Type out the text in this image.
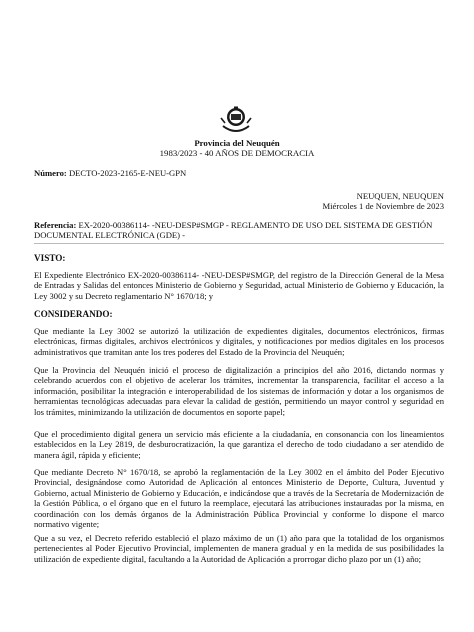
Provincia del Neuquén
1983/2023 - 40 AÑOS DE DEMOCRACIA
Número: DECTO-2023-2165-E-NEU-GPN
NEUQUEN, NEUQUEN
Miércoles 1 de Noviembre de 2023
Referencia: EX-2020-00386114- -NEU-DESP#SMGP - REGLAMENTO DE USO DEL SISTEMA DE GESTIÓN DOCUMENTAL ELECTRÓNICA (GDE) -
VISTO:
El Expediente Electrónico EX-2020-00386114- -NEU-DESP#SMGP, del registro de la Dirección General de la Mesa de Entradas y Salidas del entonces Ministerio de Gobierno y Seguridad, actual Ministerio de Gobierno y Educación, la Ley 3002 y su Decreto reglamentario N° 1670/18; y
CONSIDERANDO:
Que mediante la Ley 3002 se autorizó la utilización de expedientes digitales, documentos electrónicos, firmas electrónicas, firmas digitales, archivos electrónicos y digitales, y notificaciones por medios digitales en los procesos administrativos que tramitan ante los tres poderes del Estado de la Provincia del Neuquén;
Que la Provincia del Neuquén inició el proceso de digitalización a principios del año 2016, dictando normas y celebrando acuerdos con el objetivo de acelerar los trámites, incrementar la transparencia, facilitar el acceso a la información, posibilitar la integración e interoperabilidad de los sistemas de información y dotar a los organismos de herramientas tecnológicas adecuadas para elevar la calidad de gestión, permitiendo un mayor control y seguridad en los trámites, minimizando la utilización de documentos en soporte papel;
Que el procedimiento digital genera un servicio más eficiente a la ciudadanía, en consonancia con los lineamientos establecidos en la Ley 2819, de desburocratización, la que garantiza el derecho de todo ciudadano a ser atendido de manera ágil, rápida y eficiente;
Que mediante Decreto N° 1670/18, se aprobó la reglamentación de la Ley 3002 en el ámbito del Poder Ejecutivo Provincial, designándose como Autoridad de Aplicación al entonces Ministerio de Deporte, Cultura, Juventud y Gobierno, actual Ministerio de Gobierno y Educación, e indicándose que a través de la Secretaría de Modernización de la Gestión Pública, o el órgano que en el futuro la reemplace, ejecutará las atribuciones instauradas por la misma, en coordinación con los demás órganos de la Administración Pública Provincial y conforme lo dispone el marco normativo vigente;
Que a su vez, el Decreto referido estableció el plazo máximo de un (1) año para que la totalidad de los organismos pertenecientes al Poder Ejecutivo Provincial, implementen de manera gradual y en la medida de sus posibilidades la utilización de expediente digital, facultando a la Autoridad de Aplicación a prorrogar dicho plazo por un (1) año;
